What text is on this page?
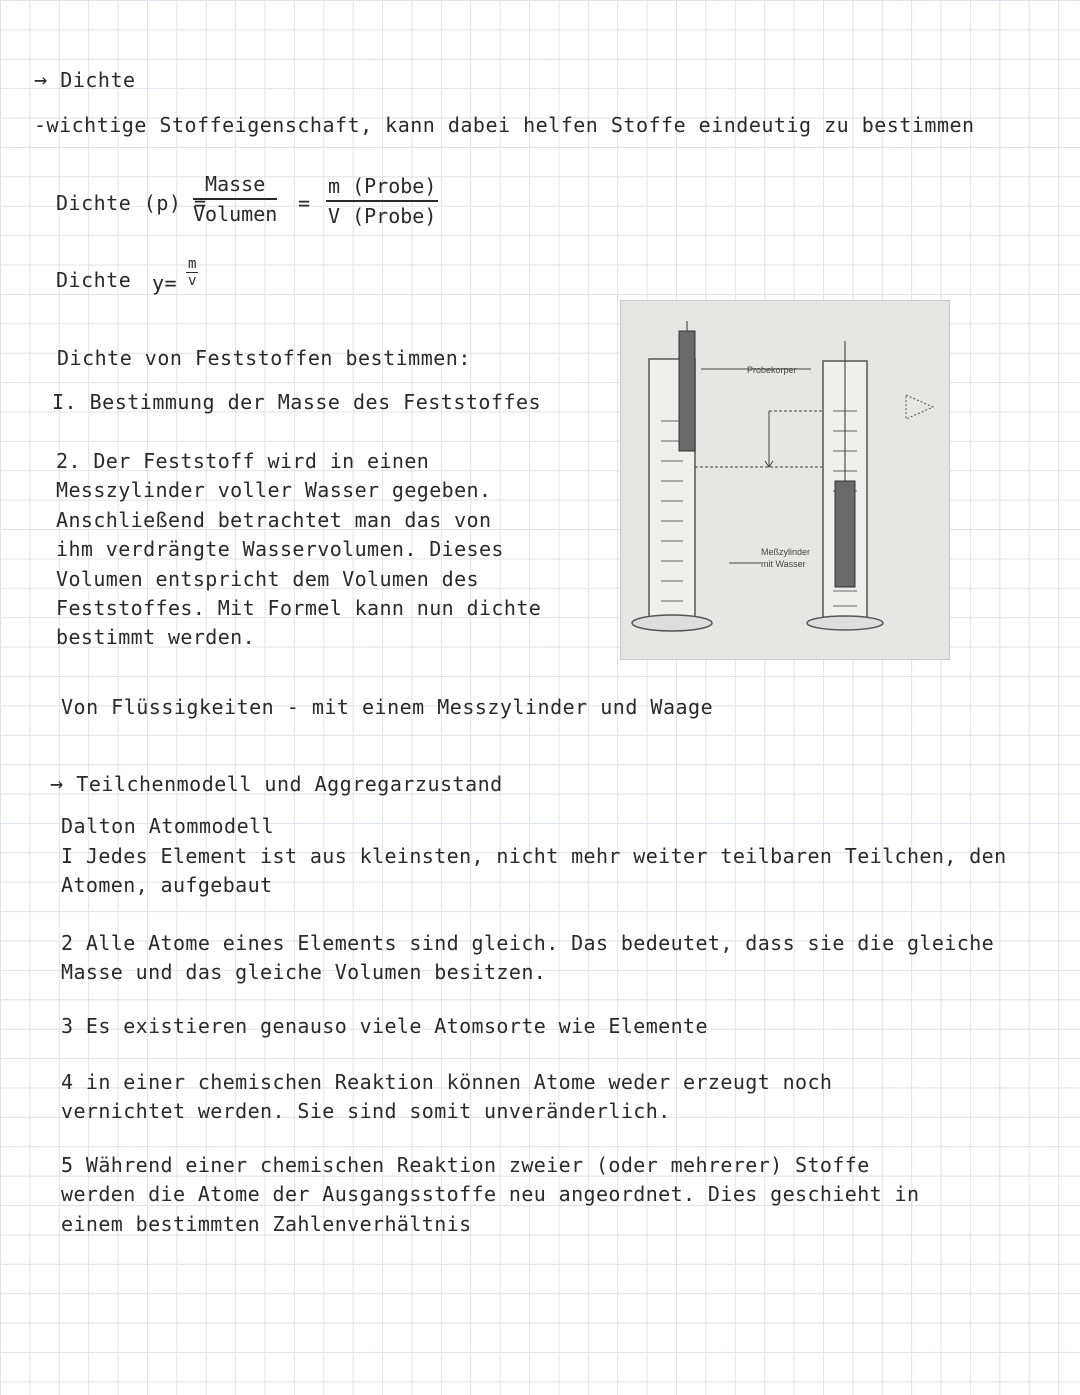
→ Dichte
-wichtige Stoffeigenschaft, kann dabei helfen Stoffe eindeutig zu bestimmen
Dichte (p) =
Masse
Volumen =
m (Probe)
V (Probe)
Dichte y=
m
v
Dichte von Feststoffen bestimmen:
I. Bestimmung der Masse des Feststoffes
2. Der Feststoff wird in einen
Messzylinder voller Wasser gegeben.
Anschließend betrachtet man das von
ihm verdrängte Wasservolumen. Dieses
Volumen entspricht dem Volumen des
Feststoffes. Mit Formel kann nun dichte
bestimmt werden.
Probekorper
Meßzylinder
mit Wasser
Von Flüssigkeiten - mit einem Messzylinder und Waage
→ Teilchenmodell und Aggregarzustand
Dalton Atommodell
I Jedes Element ist aus kleinsten, nicht mehr weiter teilbaren Teilchen, den
Atomen, aufgebaut
2 Alle Atome eines Elements sind gleich. Das bedeutet, dass sie die gleiche
Masse und das gleiche Volumen besitzen.
3 Es existieren genauso viele Atomsorte wie Elemente
4 in einer chemischen Reaktion können Atome weder erzeugt noch
vernichtet werden. Sie sind somit unveränderlich.
5 Während einer chemischen Reaktion zweier (oder mehrerer) Stoffe
werden die Atome der Ausgangsstoffe neu angeordnet. Dies geschieht in
einem bestimmten Zahlenverhältnis
